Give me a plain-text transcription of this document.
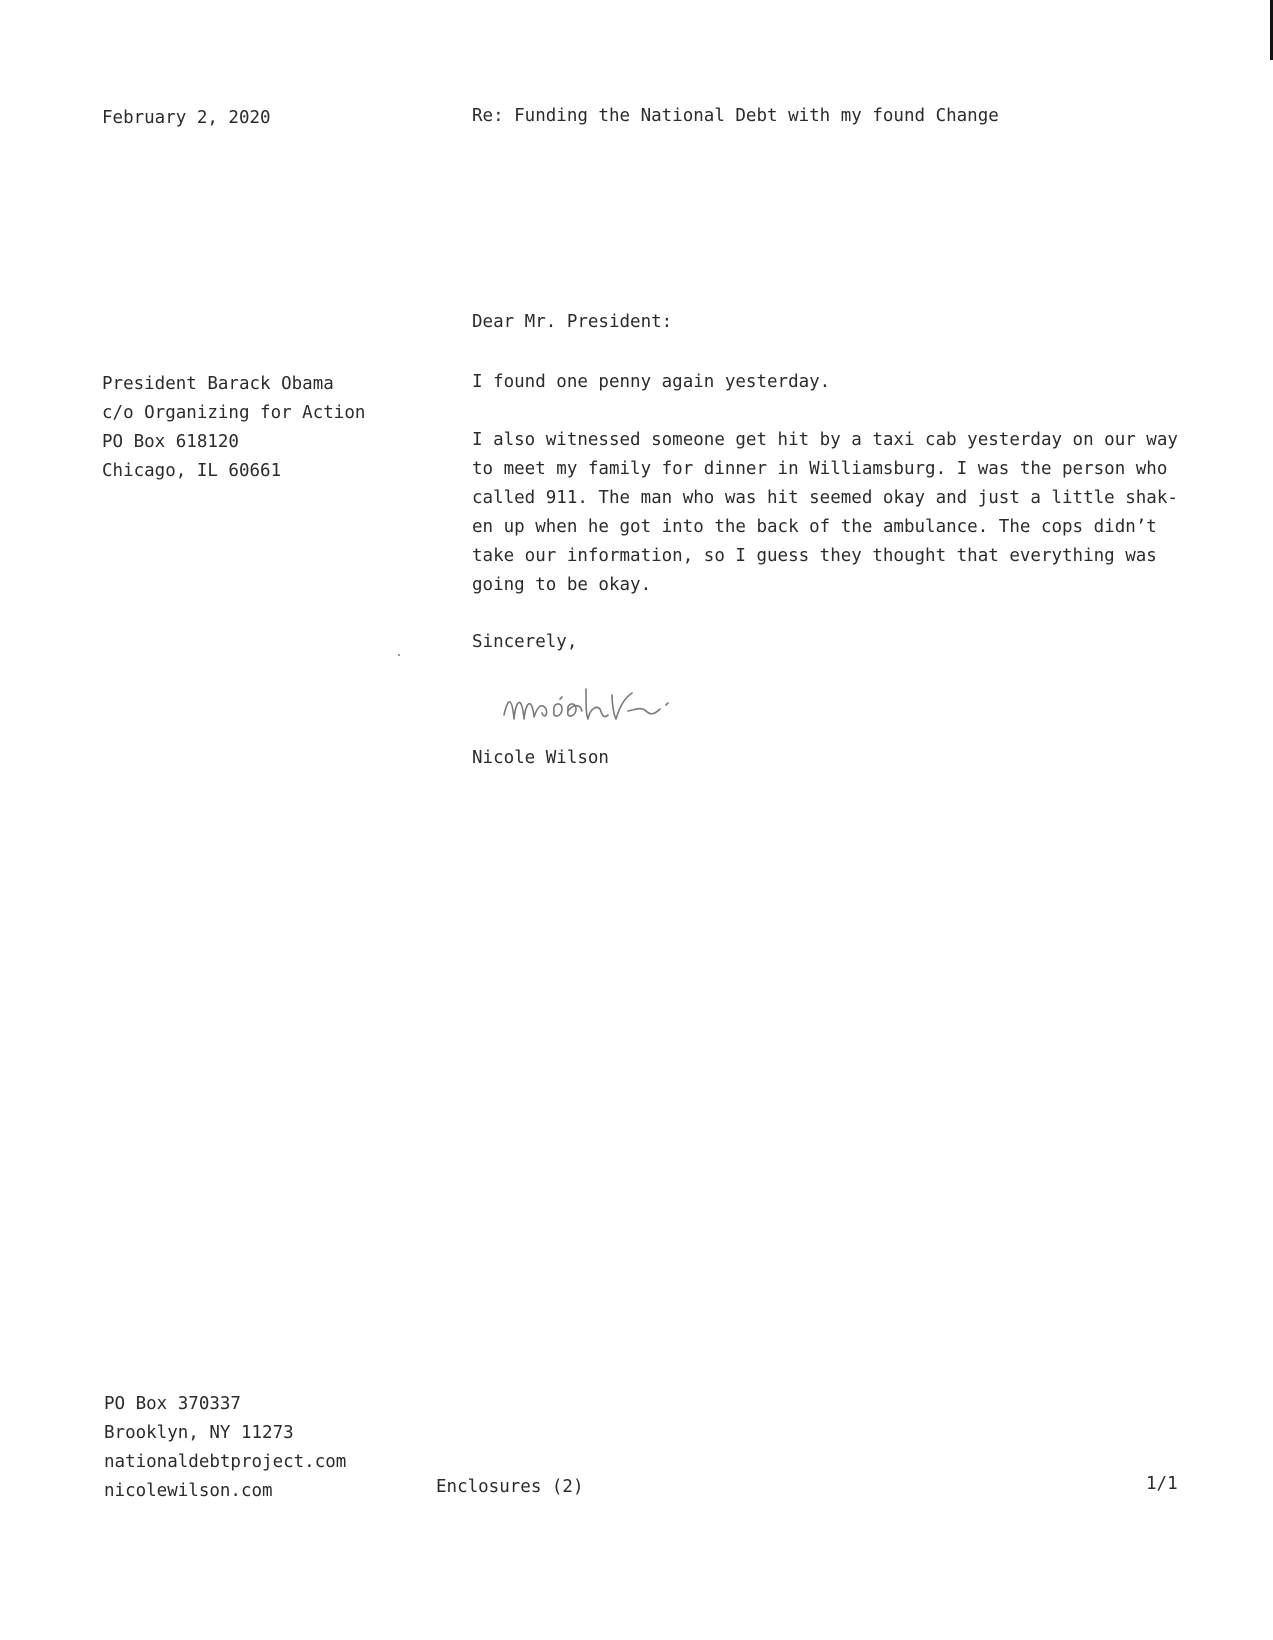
February 2, 2020	Re: Funding the National Debt with my found Change
Dear Mr. President:
President Barack Obama
c/o Organizing for Action
PO Box 618120
Chicago, IL 60661

I found one penny again yesterday.

I also witnessed someone get hit by a taxi cab yesterday on our way
to meet my family for dinner in Williamsburg. I was the person who
called 911. The man who was hit seemed okay and just a little shak-
en up when he got into the back of the ambulance. The cops didn’t
take our information, so I guess they thought that everything was
going to be okay.
Sincerely,
Nicole Wilson
PO Box 370337
Brooklyn, NY 11273
nationaldebtproject.com
nicolewilson.com	Enclosures (2)	1/1
